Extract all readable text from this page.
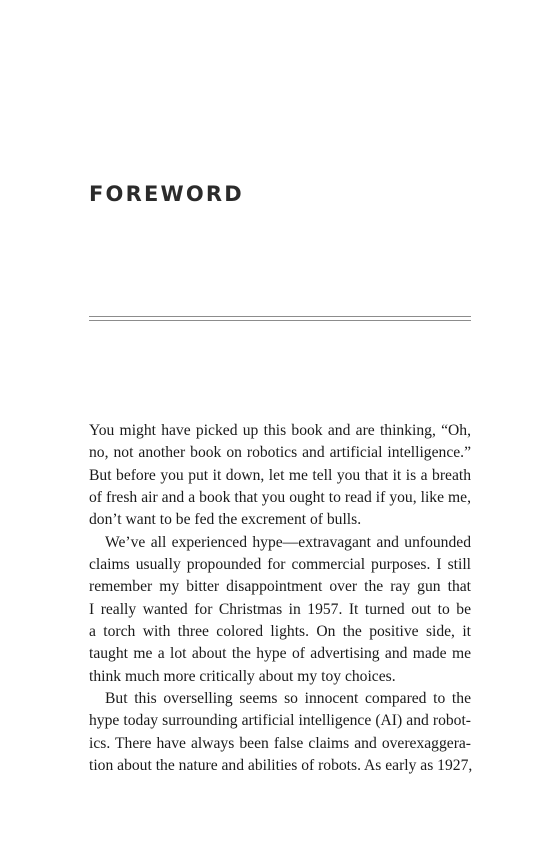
FOREWORD
You might have picked up this book and are thinking, “Oh,
no, not another book on robotics and artificial intelligence.”
But before you put it down, let me tell you that it is a breath
of fresh air and a book that you ought to read if you, like me,
don’t want to be fed the excrement of bulls.
We’ve all experienced hype—extravagant and unfounded
claims usually propounded for commercial purposes. I still
remember my bitter disappointment over the ray gun that
I really wanted for Christmas in 1957. It turned out to be
a torch with three colored lights. On the positive side, it
taught me a lot about the hype of advertising and made me
think much more critically about my toy choices.
But this overselling seems so innocent compared to the
hype today surrounding artificial intelligence (AI) and robot-
ics. There have always been false claims and overexaggera-
tion about the nature and abilities of robots. As early as 1927,
